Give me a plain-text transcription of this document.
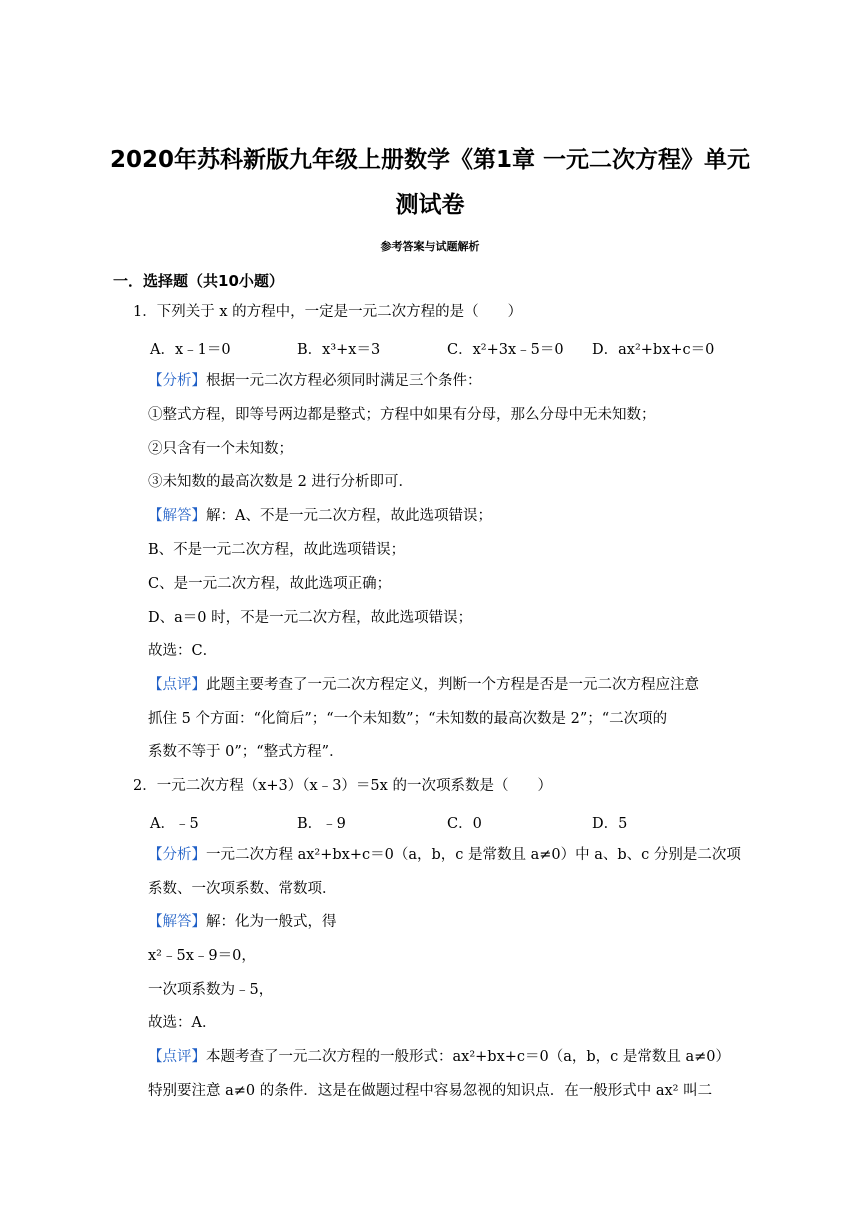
2020年苏科新版九年级上册数学《第1章 一元二次方程》单元
测试卷
参考答案与试题解析
一．选择题（共10小题）
1．下列关于 x 的方程中，一定是一元二次方程的是（　　）
A．x﹣1＝0	B．x³+x＝3	C．x²+3x﹣5＝0 D．ax²+bx+c＝0
【分析】根据一元二次方程必须同时满足三个条件：
①整式方程，即等号两边都是整式；方程中如果有分母，那么分母中无未知数；
②只含有一个未知数；
③未知数的最高次数是 2 进行分析即可．
【解答】解：A、不是一元二次方程，故此选项错误；
B、不是一元二次方程，故此选项错误；
C、是一元二次方程，故此选项正确；
D、a＝0 时，不是一元二次方程，故此选项错误；
故选：C．
【点评】此题主要考查了一元二次方程定义，判断一个方程是否是一元二次方程应注意
抓住 5 个方面：“化简后”；“一个未知数”；“未知数的最高次数是 2”；“二次项的
系数不等于 0”；“整式方程”．
2．一元二次方程（x+3）（x﹣3）＝5x 的一次项系数是（　　）
A．﹣5	B．﹣9	C．0	D．5
【分析】一元二次方程 ax²+bx+c＝0（a，b，c 是常数且 a≠0）中 a、b、c 分别是二次项
系数、一次项系数、常数项．
【解答】解：化为一般式，得
x²﹣5x﹣9＝0，
一次项系数为﹣5，
故选：A．
【点评】本题考查了一元二次方程的一般形式：ax²+bx+c＝0（a，b，c 是常数且 a≠0）
特别要注意 a≠0 的条件．这是在做题过程中容易忽视的知识点．在一般形式中 ax² 叫二
